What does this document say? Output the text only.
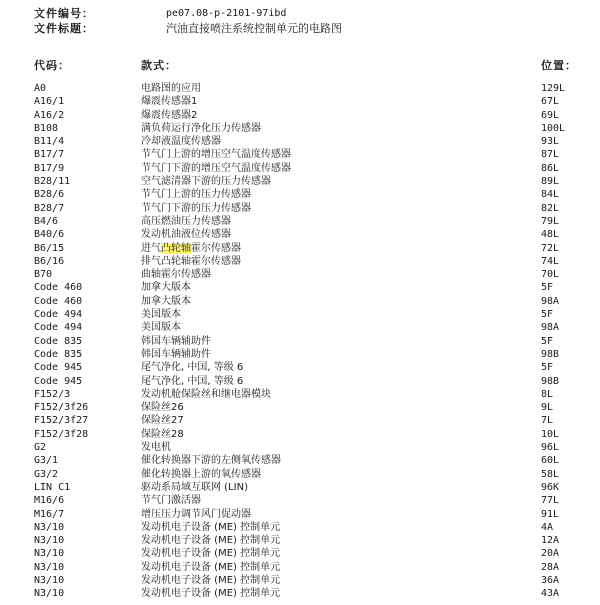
文件编号：	pe07.08-p-2101-97ibd
文件标题：	汽油直接喷注系统控制单元的电路图
代码：	款式：	位置：
A0	电路图的应用	129L
A16/1	爆震传感器1	67L
A16/2	爆震传感器2	69L
B108	满负荷运行净化压力传感器	100L
B11/4	冷却液温度传感器	93L
B17/7	节气门上游的增压空气温度传感器	87L
B17/9	节气门下游的增压空气温度传感器	86L
B28/11	空气滤清器下游的压力传感器	89L
B28/6	节气门上游的压力传感器	84L
B28/7	节气门下游的压力传感器	82L
B4/6	高压燃油压力传感器	79L
B40/6	发动机油液位传感器	48L
B6/15	进气凸轮轴霍尔传感器	72L
B6/16	排气凸轮轴霍尔传感器	74L
B70	曲轴霍尔传感器	70L
Code 460	加拿大版本	5F
Code 460	加拿大版本	98A
Code 494	美国版本	5F
Code 494	美国版本	98A
Code 835	韩国车辆辅助件	5F
Code 835	韩国车辆辅助件	98B
Code 945	尾气净化, 中国, 等级 6	5F
Code 945	尾气净化, 中国, 等级 6	98B
F152/3	发动机舱保险丝和继电器模块	8L
F152/3f26	保险丝26	9L
F152/3f27	保险丝27	7L
F152/3f28	保险丝28	10L
G2	发电机	96L
G3/1	催化转换器下游的左侧氧传感器	60L
G3/2	催化转换器上游的氧传感器	58L
LIN C1	驱动系局域互联网 (LIN)	96K
M16/6	节气门激活器	77L
M16/7	增压压力调节风门促动器	91L
N3/10	发动机电子设备 (ME) 控制单元	4A
N3/10	发动机电子设备 (ME) 控制单元	12A
N3/10	发动机电子设备 (ME) 控制单元	20A
N3/10	发动机电子设备 (ME) 控制单元	28A
N3/10	发动机电子设备 (ME) 控制单元	36A
N3/10	发动机电子设备 (ME) 控制单元	43A
